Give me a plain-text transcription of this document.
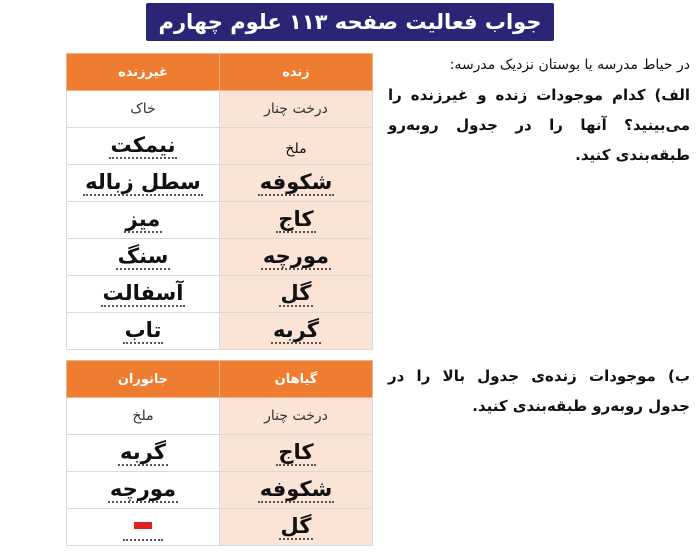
جواب فعالیت صفحه ۱۱۳ علوم چهارم
غیرزنده	زنده
خاک	درخت چنار
نیمکت	ملخ
سطل زباله	شکوفه
میز	کاج
سنگ	مورچه
آسفالت	گل
تاب	گربه
جانوران	گیاهان
ملخ	درخت چنار
گربه	کاج
مورچه	شکوفه

	گل
در حیاط مدرسه یا بوستان نزدیک مدرسه:
الف) کدام موجودات زنده و غیرزنده را می‌بینید؟ آنها را در جدول روبه‌رو طبقه‌بندی کنید.
ب) موجودات زنده‌ی جدول بالا را در جدول روبه‌رو طبقه‌بندی کنید.
